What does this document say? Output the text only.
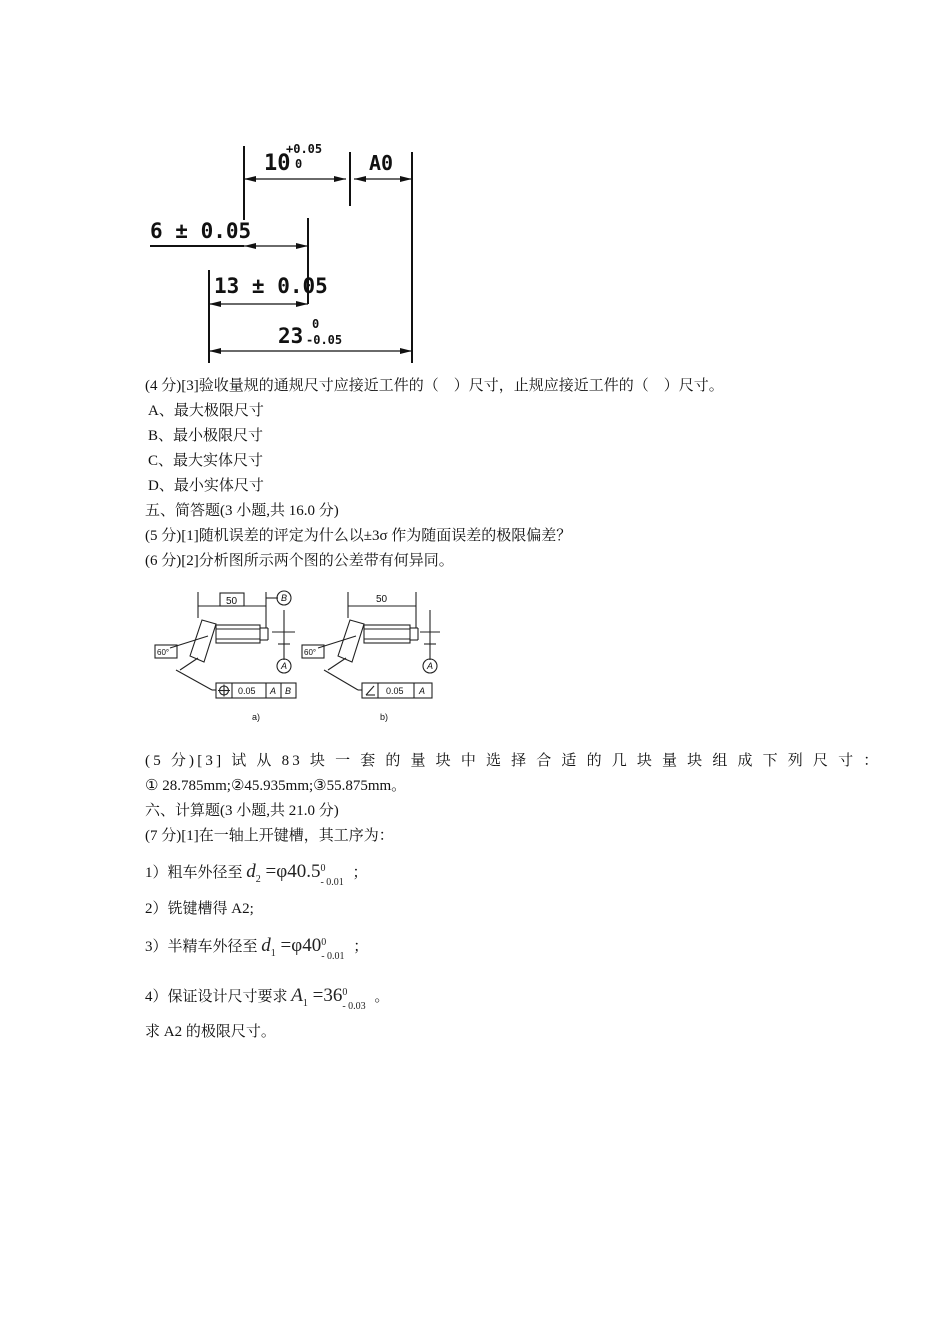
10
+0.05
0	A0
6 ± 0.05
13 ± 0.05
23 0
-0.05
(4 分)[3]验收量规的通规尺寸应接近工件的（　）尺寸，止规应接近工件的（　）尺寸。
A、最大极限尺寸
B、最小极限尺寸
C、最大实体尺寸
D、最小实体尺寸
五、简答题(3 小题,共 16.0 分)
(5 分)[1]随机误差的评定为什么以±3σ 作为随面误差的极限偏差？
(6 分)[2]分析图所示两个图的公差带有何异同。
50
60°
B
A
0.05 A B
a)
50
60°
A
0.05 A
b)
(5 分)[3] 试 从 83 块 一 套 的 量 块 中 选 择 合 适 的 几 块 量 块 组 成 下 列 尺 寸 ：
① 28.785mm;②45.935mm;③55.875mm。
六、计算题(3 小题,共 21.0 分)
(7 分)[1]在一轴上开键槽，其工序为：
1）粗车外径至 $d_2 =\varphi 40.5$ 0
- 0.01
；
2）铣键槽得 A2;
3）半精车外径至 $d_1 =\varphi 40$ 0
- 0.01
；
4）保证设计尺寸要求 $A_1 =36$ 0
- 0.03
。
求 A2 的极限尺寸。
